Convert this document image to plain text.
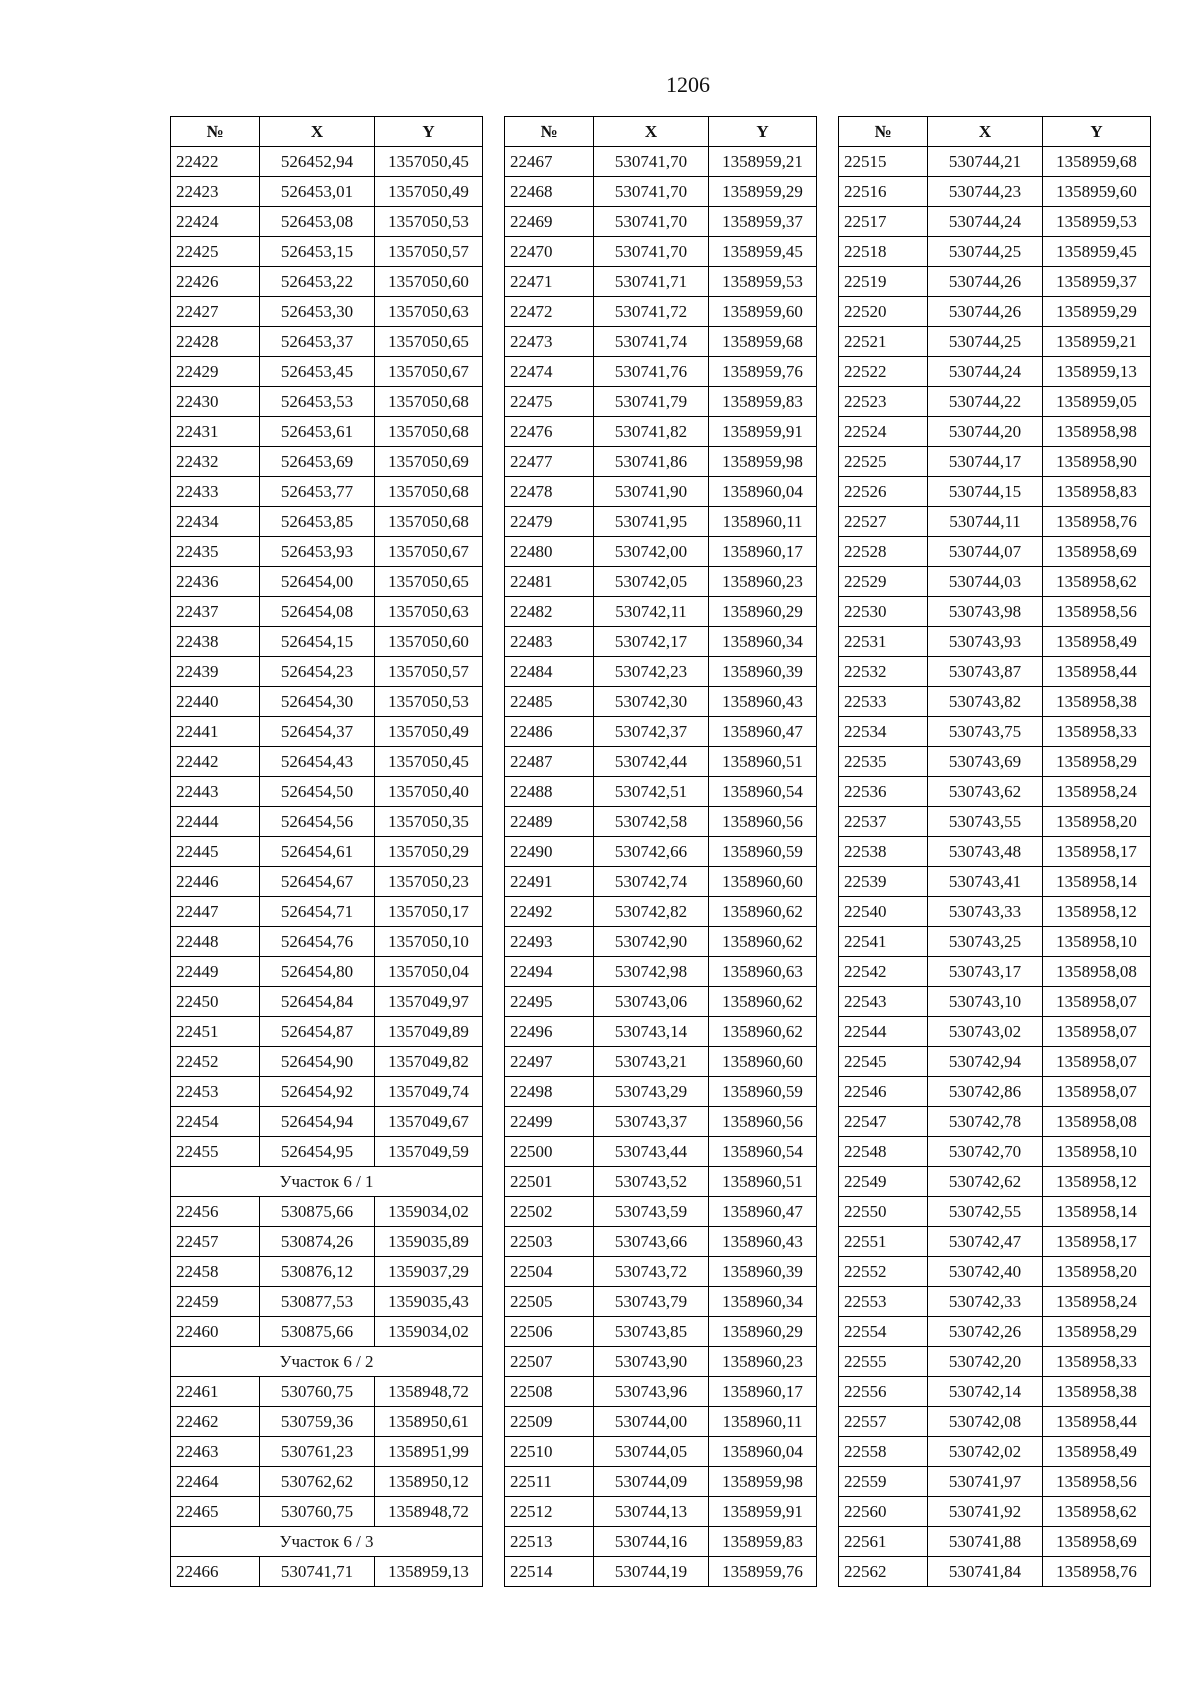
1206
№	X	Y
22422	526452,94	1357050,45
22423	526453,01	1357050,49
22424	526453,08	1357050,53
22425	526453,15	1357050,57
22426	526453,22	1357050,60
22427	526453,30	1357050,63
22428	526453,37	1357050,65
22429	526453,45	1357050,67
22430	526453,53	1357050,68
22431	526453,61	1357050,68
22432	526453,69	1357050,69
22433	526453,77	1357050,68
22434	526453,85	1357050,68
22435	526453,93	1357050,67
22436	526454,00	1357050,65
22437	526454,08	1357050,63
22438	526454,15	1357050,60
22439	526454,23	1357050,57
22440	526454,30	1357050,53
22441	526454,37	1357050,49
22442	526454,43	1357050,45
22443	526454,50	1357050,40
22444	526454,56	1357050,35
22445	526454,61	1357050,29
22446	526454,67	1357050,23
22447	526454,71	1357050,17
22448	526454,76	1357050,10
22449	526454,80	1357050,04
22450	526454,84	1357049,97
22451	526454,87	1357049,89
22452	526454,90	1357049,82
22453	526454,92	1357049,74
22454	526454,94	1357049,67
22455	526454,95	1357049,59
Участок 6 / 1		
22456	530875,66	1359034,02
22457	530874,26	1359035,89
22458	530876,12	1359037,29
22459	530877,53	1359035,43
22460	530875,66	1359034,02
Участок 6 / 2		
22461	530760,75	1358948,72
22462	530759,36	1358950,61
22463	530761,23	1358951,99
22464	530762,62	1358950,12
22465	530760,75	1358948,72
Участок 6 / 3		
22466	530741,71	1358959,13
№	X	Y
22467	530741,70	1358959,21
22468	530741,70	1358959,29
22469	530741,70	1358959,37
22470	530741,70	1358959,45
22471	530741,71	1358959,53
22472	530741,72	1358959,60
22473	530741,74	1358959,68
22474	530741,76	1358959,76
22475	530741,79	1358959,83
22476	530741,82	1358959,91
22477	530741,86	1358959,98
22478	530741,90	1358960,04
22479	530741,95	1358960,11
22480	530742,00	1358960,17
22481	530742,05	1358960,23
22482	530742,11	1358960,29
22483	530742,17	1358960,34
22484	530742,23	1358960,39
22485	530742,30	1358960,43
22486	530742,37	1358960,47
22487	530742,44	1358960,51
22488	530742,51	1358960,54
22489	530742,58	1358960,56
22490	530742,66	1358960,59
22491	530742,74	1358960,60
22492	530742,82	1358960,62
22493	530742,90	1358960,62
22494	530742,98	1358960,63
22495	530743,06	1358960,62
22496	530743,14	1358960,62
22497	530743,21	1358960,60
22498	530743,29	1358960,59
22499	530743,37	1358960,56
22500	530743,44	1358960,54
22501	530743,52	1358960,51
22502	530743,59	1358960,47
22503	530743,66	1358960,43
22504	530743,72	1358960,39
22505	530743,79	1358960,34
22506	530743,85	1358960,29
22507	530743,90	1358960,23
22508	530743,96	1358960,17
22509	530744,00	1358960,11
22510	530744,05	1358960,04
22511	530744,09	1358959,98
22512	530744,13	1358959,91
22513	530744,16	1358959,83
22514	530744,19	1358959,76
№	X	Y
22515	530744,21	1358959,68
22516	530744,23	1358959,60
22517	530744,24	1358959,53
22518	530744,25	1358959,45
22519	530744,26	1358959,37
22520	530744,26	1358959,29
22521	530744,25	1358959,21
22522	530744,24	1358959,13
22523	530744,22	1358959,05
22524	530744,20	1358958,98
22525	530744,17	1358958,90
22526	530744,15	1358958,83
22527	530744,11	1358958,76
22528	530744,07	1358958,69
22529	530744,03	1358958,62
22530	530743,98	1358958,56
22531	530743,93	1358958,49
22532	530743,87	1358958,44
22533	530743,82	1358958,38
22534	530743,75	1358958,33
22535	530743,69	1358958,29
22536	530743,62	1358958,24
22537	530743,55	1358958,20
22538	530743,48	1358958,17
22539	530743,41	1358958,14
22540	530743,33	1358958,12
22541	530743,25	1358958,10
22542	530743,17	1358958,08
22543	530743,10	1358958,07
22544	530743,02	1358958,07
22545	530742,94	1358958,07
22546	530742,86	1358958,07
22547	530742,78	1358958,08
22548	530742,70	1358958,10
22549	530742,62	1358958,12
22550	530742,55	1358958,14
22551	530742,47	1358958,17
22552	530742,40	1358958,20
22553	530742,33	1358958,24
22554	530742,26	1358958,29
22555	530742,20	1358958,33
22556	530742,14	1358958,38
22557	530742,08	1358958,44
22558	530742,02	1358958,49
22559	530741,97	1358958,56
22560	530741,92	1358958,62
22561	530741,88	1358958,69
22562	530741,84	1358958,76
